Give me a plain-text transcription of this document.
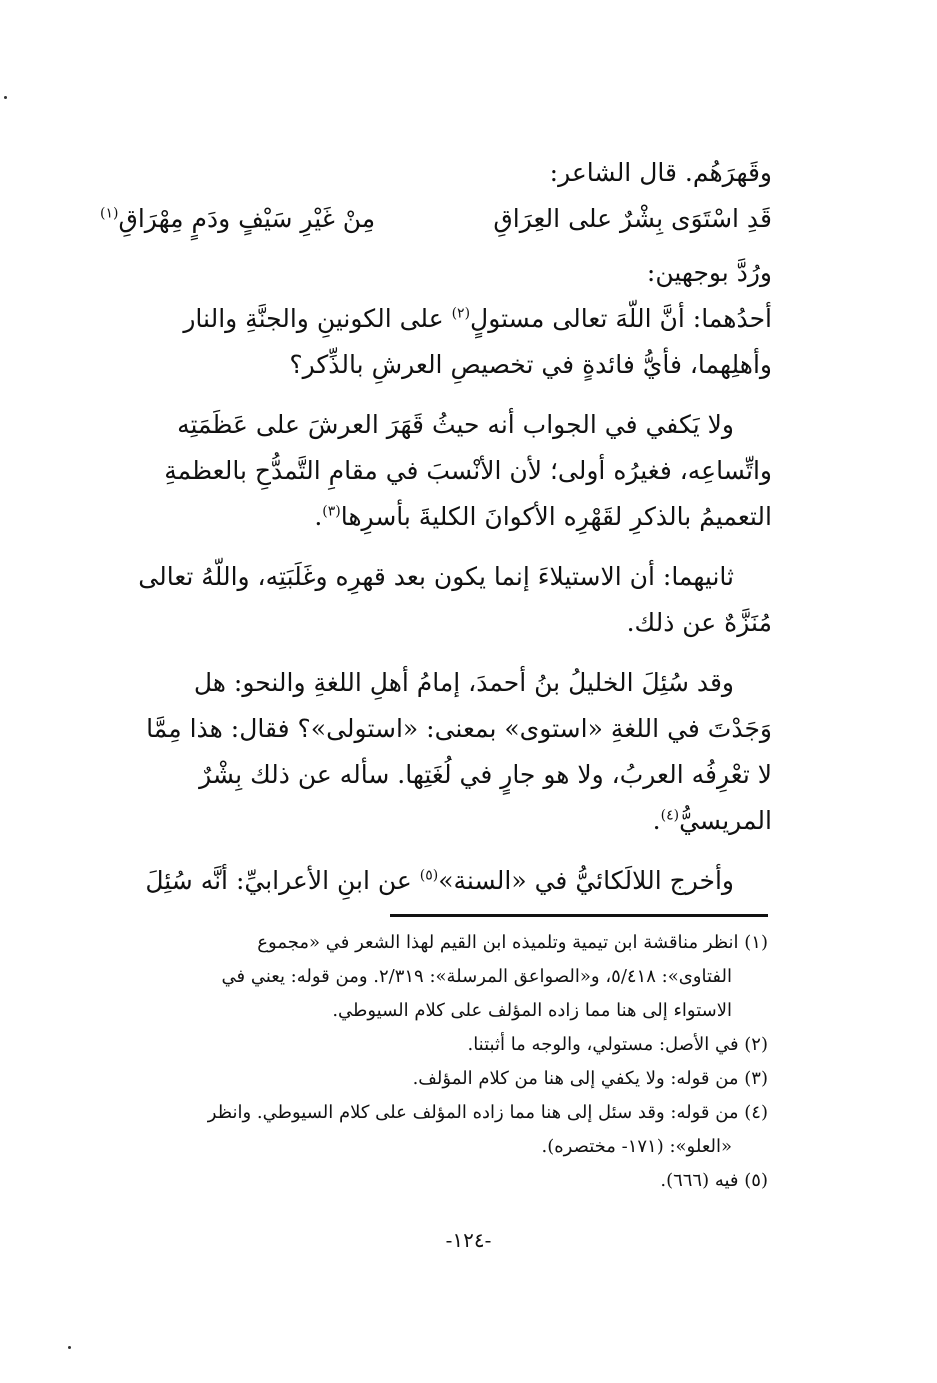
وقَهرَهُم. قال الشاعر:
قَدِ اسْتَوَى بِشْرٌ على العِرَاقِ
مِنْ غَيْرِ سَيْفٍ ودَمٍ مِهْرَاقِ$^{(١)}$
ورُدَّ بوجهين:
أحدُهما: أنَّ اللّهَ تعالى مستولٍ$^{(٢)}$ على الكونينِ والجنَّةِ والنار
وأهلِهما، فأيُّ فائدةٍ في تخصيصِ العرشِ بالذِّكر؟
ولا يَكفي في الجواب أنه حيثُ قَهَرَ العرشَ على عَظَمَتِه
واتِّساعِه، فغيرُه أولى؛ لأن الأنْسبَ في مقامِ التَّمدُّحِ بالعظمةِ
التعميمُ بالذكرِ لقَهْرِه الأكوانَ الكليةَ بأسرِها$^{(٣)}$.
ثانيهما: أن الاستيلاءَ إنما يكون بعد قهرِه وغَلَبَتِه، واللّهُ تعالى
مُنَزَّهٌ عن ذلك.
وقد سُئِلَ الخليلُ بنُ أحمدَ، إمامُ أهلِ اللغةِ والنحو: هل
وَجَدْتَ في اللغةِ «استوى» بمعنى: «استولى»؟ فقال: هذا مِمَّا
لا تعْرِفُه العربُ، ولا هو جارٍ في لُغَتِها. سأله عن ذلك بِشْرٌ
المريسيُّ$^{(٤)}$.
وأخرج اللالَكائيُّ في «السنة»$^{(٥)}$ عن ابنِ الأعرابيِّ: أنَّه سُئِلَ
(١) انظر مناقشة ابن تيمية وتلميذه ابن القيم لهذا الشعر في «مجموع
الفتاوى»: ٥/٤١٨، و«الصواعق المرسلة»: ٢/٣١٩. ومن قوله: يعني في
الاستواء إلى هنا مما زاده المؤلف على كلام السيوطي.
(٢) في الأصل: مستولي، والوجه ما أثبتنا.
(٣) من قوله: ولا يكفي إلى هنا من كلام المؤلف.
(٤) من قوله: وقد سئل إلى هنا مما زاده المؤلف على كلام السيوطي. وانظر
«العلو»: (١٧١- مختصره).
(٥) فيه (٦٦٦).
-١٢٤-
